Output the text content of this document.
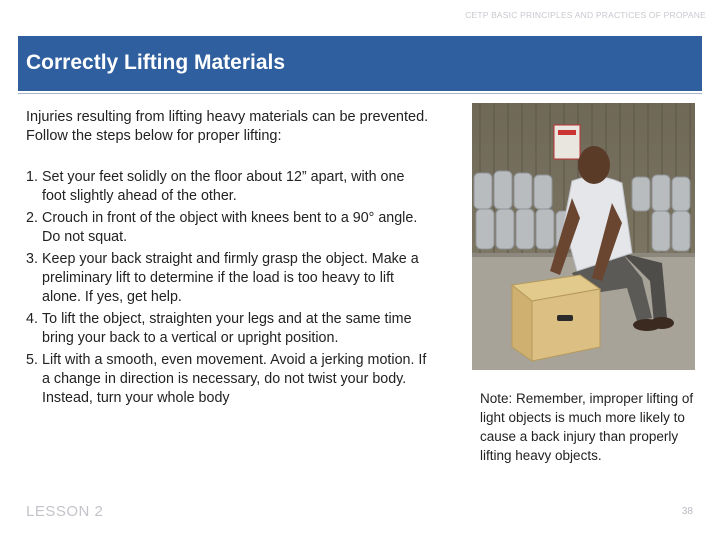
CETP BASIC PRINCIPLES AND PRACTICES OF PROPANE
Correctly Lifting Materials
Injuries resulting from lifting heavy materials can be prevented. Follow the steps below for proper lifting:
1. Set your feet solidly on the floor about 12” apart, with one foot slightly ahead of the other.
2. Crouch in front of the object with knees bent to a 90° angle. Do not squat.
3. Keep your back straight and firmly grasp the object. Make a preliminary lift to determine if the load is too heavy to lift alone. If yes, get help.
4. To lift the object, straighten your legs and at the same time bring your back to a vertical or upright position.
5. Lift with a smooth, even movement. Avoid a jerking motion. If a change in direction is necessary, do not twist your body. Instead, turn your whole body	Note: Remember, improper lifting of light objects is much more likely to cause a back injury than properly lifting heavy objects.
LESSON 2	38
